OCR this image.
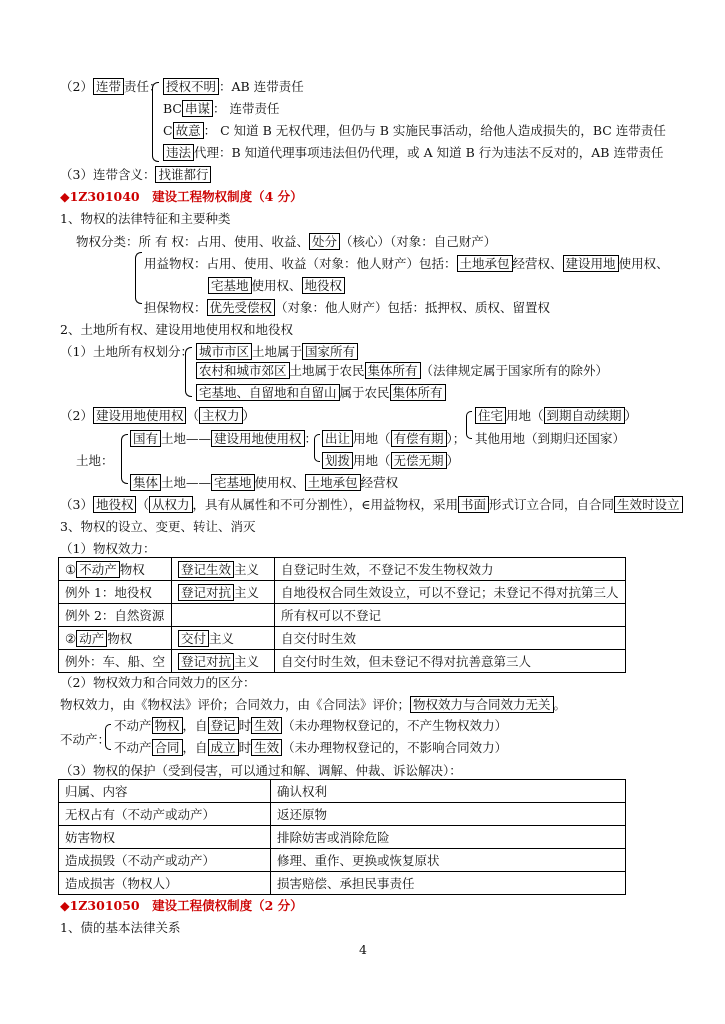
（2） 连带 责任： 授权不明 ：AB 连带责任
BC 串谋 ： 连带责任
C 故意 ： C 知道 B 无权代理，但仍与 B 实施民事活动，给他人造成损失的，BC 连带责任
违法 代理：B 知道代理事项违法但仍代理，或 A 知道 B 行为违法不反对的，AB 连带责任
（3）连带含义： 找谁都行
◆1Z301040　建设工程物权制度（4 分）
1、物权的法律特征和主要种类
物权分类：所 有 权：占用、使用、收益、 处分 （核心）（对象：自己财产）
用益物权：占用、使用、收益（对象：他人财产）包括： 土地承包 经营权、 建设用地 使用权、
宅基地 使用权、 地役权
担保物权： 优先受偿权 （对象：他人财产）包括：抵押权、质权、留置权
2、土地所有权、建设用地使用权和地役权
（1）土地所有权划分： 城市市区 土地属于 国家所有
农村和城市郊区 土地属于农民 集体所有 （法律规定属于国家所有的除外）
宅基地、自留地和自留山 属于农民 集体所有
（2） 建设用地使用权 （ 主权力 ）	住宅 用地（ 到期自动续期 ）
其他用地（到期归还国家）
土地：
国有 土地—— 建设用地使用权 ： 出让 用地（ 有偿有期 ）；
划拨 用地（ 无偿无期 ）
集体 土地—— 宅基地 使用权、 土地承包 经营权
（3） 地役权 （ 从权力 ，具有从属性和不可分割性），∈用益物权，采用 书面 形式订立合同，自合同 生效时设立
3、物权的设立、变更、转让、消灭
（1）物权效力：
① 不动产 物权	登记生效 主义	自登记时生效，不登记不发生物权效力
例外 1：地役权	登记对抗 主义	自地役权合同生效设立，可以不登记；未登记不得对抗第三人
例外 2：自然资源		所有权可以不登记
② 动产 物权	交付 主义	自交付时生效
例外：车、船、空	登记对抗 主义	自交付时生效，但未登记不得对抗善意第三人
（2）物权效力和合同效力的区分：
物权效力，由《物权法》评价；合同效力，由《合同法》评价； 物权效力与合同效力无关 。
不动产：
不动产 物权 ，自 登记 时 生效 （未办理物权登记的，不产生物权效力）
不动产 合同 ，自 成立 时 生效 （未办理物权登记的，不影响合同效力）
（3）物权的保护（受到侵害，可以通过和解、调解、仲裁、诉讼解决）：
归属、内容	确认权利
无权占有（不动产或动产）	返还原物
妨害物权	排除妨害或消除危险
造成损毁（不动产或动产）	修理、重作、更换或恢复原状
造成损害（物权人）	损害赔偿、承担民事责任
◆1Z301050　建设工程债权制度（2 分）
1、债的基本法律关系
4
